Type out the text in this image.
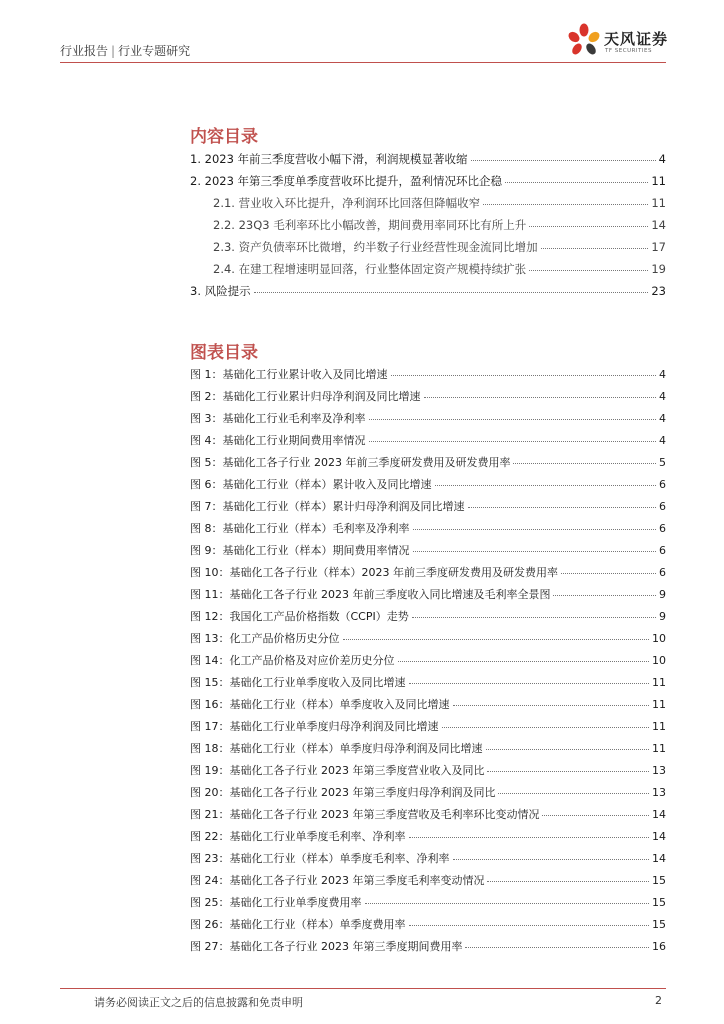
行业报告 | 行业专题研究
天风证券
TF SECURITIES
内容目录
1. 2023 年前三季度营收小幅下滑，利润规模显著收缩	4
2. 2023 年第三季度单季度营收环比提升，盈利情况环比企稳	11
2.1. 营业收入环比提升，净利润环比回落但降幅收窄	11
2.2. 23Q3 毛利率环比小幅改善，期间费用率同环比有所上升	14
2.3. 资产负债率环比微增，约半数子行业经营性现金流同比增加	17
2.4. 在建工程增速明显回落，行业整体固定资产规模持续扩张	19
3. 风险提示	23
图表目录
图 1：基础化工行业累计收入及同比增速	4
图 2：基础化工行业累计归母净利润及同比增速	4
图 3：基础化工行业毛利率及净利率	4
图 4：基础化工行业期间费用率情况	4
图 5：基础化工各子行业 2023 年前三季度研发费用及研发费用率	5
图 6：基础化工行业（样本）累计收入及同比增速	6
图 7：基础化工行业（样本）累计归母净利润及同比增速	6
图 8：基础化工行业（样本）毛利率及净利率	6
图 9：基础化工行业（样本）期间费用率情况	6
图 10：基础化工各子行业（样本）2023 年前三季度研发费用及研发费用率	6
图 11：基础化工各子行业 2023 年前三季度收入同比增速及毛利率全景图	9
图 12：我国化工产品价格指数（CCPI）走势	9
图 13：化工产品价格历史分位	10
图 14：化工产品价格及对应价差历史分位	10
图 15：基础化工行业单季度收入及同比增速	11
图 16：基础化工行业（样本）单季度收入及同比增速	11
图 17：基础化工行业单季度归母净利润及同比增速	11
图 18：基础化工行业（样本）单季度归母净利润及同比增速	11
图 19：基础化工各子行业 2023 年第三季度营业收入及同比	13
图 20：基础化工各子行业 2023 年第三季度归母净利润及同比	13
图 21：基础化工各子行业 2023 年第三季度营收及毛利率环比变动情况	14
图 22：基础化工行业单季度毛利率、净利率	14
图 23：基础化工行业（样本）单季度毛利率、净利率	14
图 24：基础化工各子行业 2023 年第三季度毛利率变动情况	15
图 25：基础化工行业单季度费用率	15
图 26：基础化工行业（样本）单季度费用率	15
图 27：基础化工各子行业 2023 年第三季度期间费用率	16
请务必阅读正文之后的信息披露和免责申明	2
